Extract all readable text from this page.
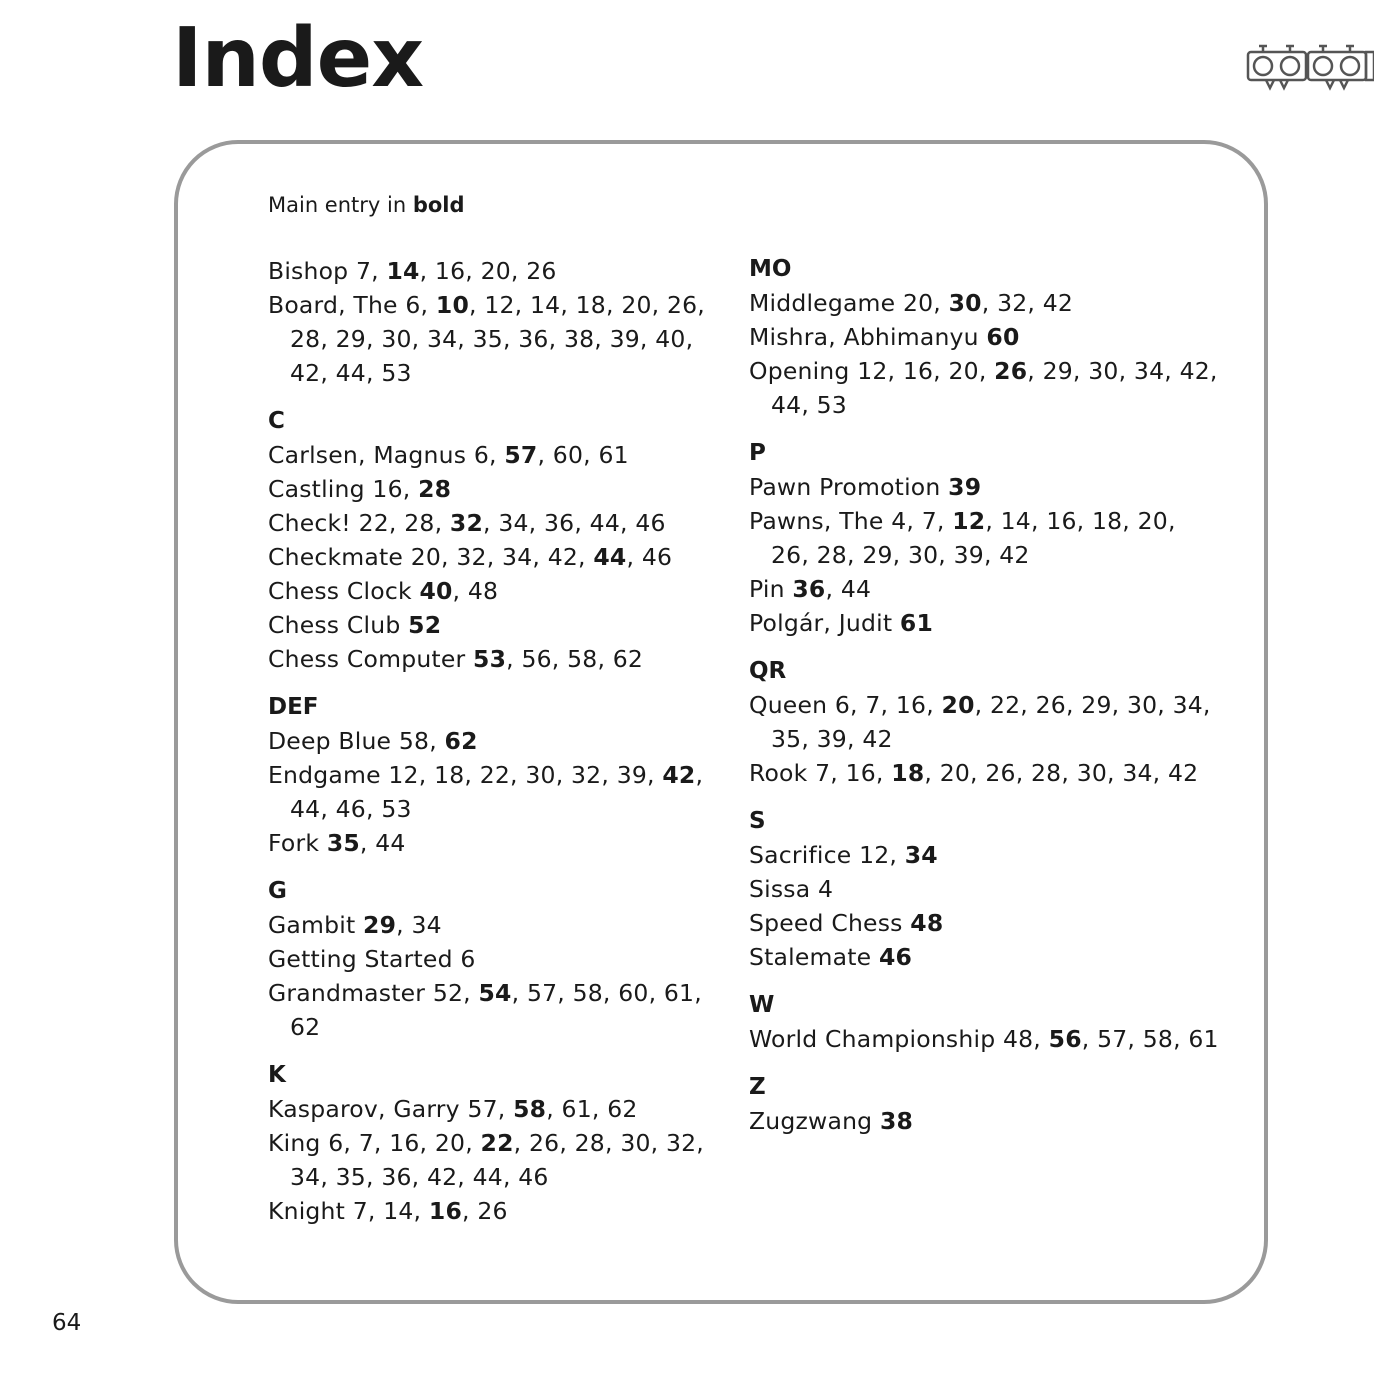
Index
Main entry in bold
Bishop 7, 14, 16, 20, 26
Board, The 6, 10, 12, 14, 18, 20, 26, 28, 29, 30, 34, 35, 36, 38, 39, 40, 42, 44, 53
C
Carlsen, Magnus 6, 57, 60, 61
Castling 16, 28
Check! 22, 28, 32, 34, 36, 44, 46
Checkmate 20, 32, 34, 42, 44, 46
Chess Clock 40, 48
Chess Club 52
Chess Computer 53, 56, 58, 62
DEF
Deep Blue 58, 62
Endgame 12, 18, 22, 30, 32, 39, 42, 44, 46, 53
Fork 35, 44
G
Gambit 29, 34
Getting Started 6
Grandmaster 52, 54, 57, 58, 60, 61, 62
K
Kasparov, Garry 57, 58, 61, 62
King 6, 7, 16, 20, 22, 26, 28, 30, 32, 34, 35, 36, 42, 44, 46
Knight 7, 14, 16, 26
MO
Middlegame 20, 30, 32, 42
Mishra, Abhimanyu 60
Opening 12, 16, 20, 26, 29, 30, 34, 42, 44, 53
P
Pawn Promotion 39
Pawns, The 4, 7, 12, 14, 16, 18, 20, 26, 28, 29, 30, 39, 42
Pin 36, 44
Polgár, Judit 61
QR
Queen 6, 7, 16, 20, 22, 26, 29, 30, 34, 35, 39, 42
Rook 7, 16, 18, 20, 26, 28, 30, 34, 42
S
Sacrifice 12, 34
Sissa 4
Speed Chess 48
Stalemate 46
W
World Championship 48, 56, 57, 58, 61
Z
Zugzwang 38
64
